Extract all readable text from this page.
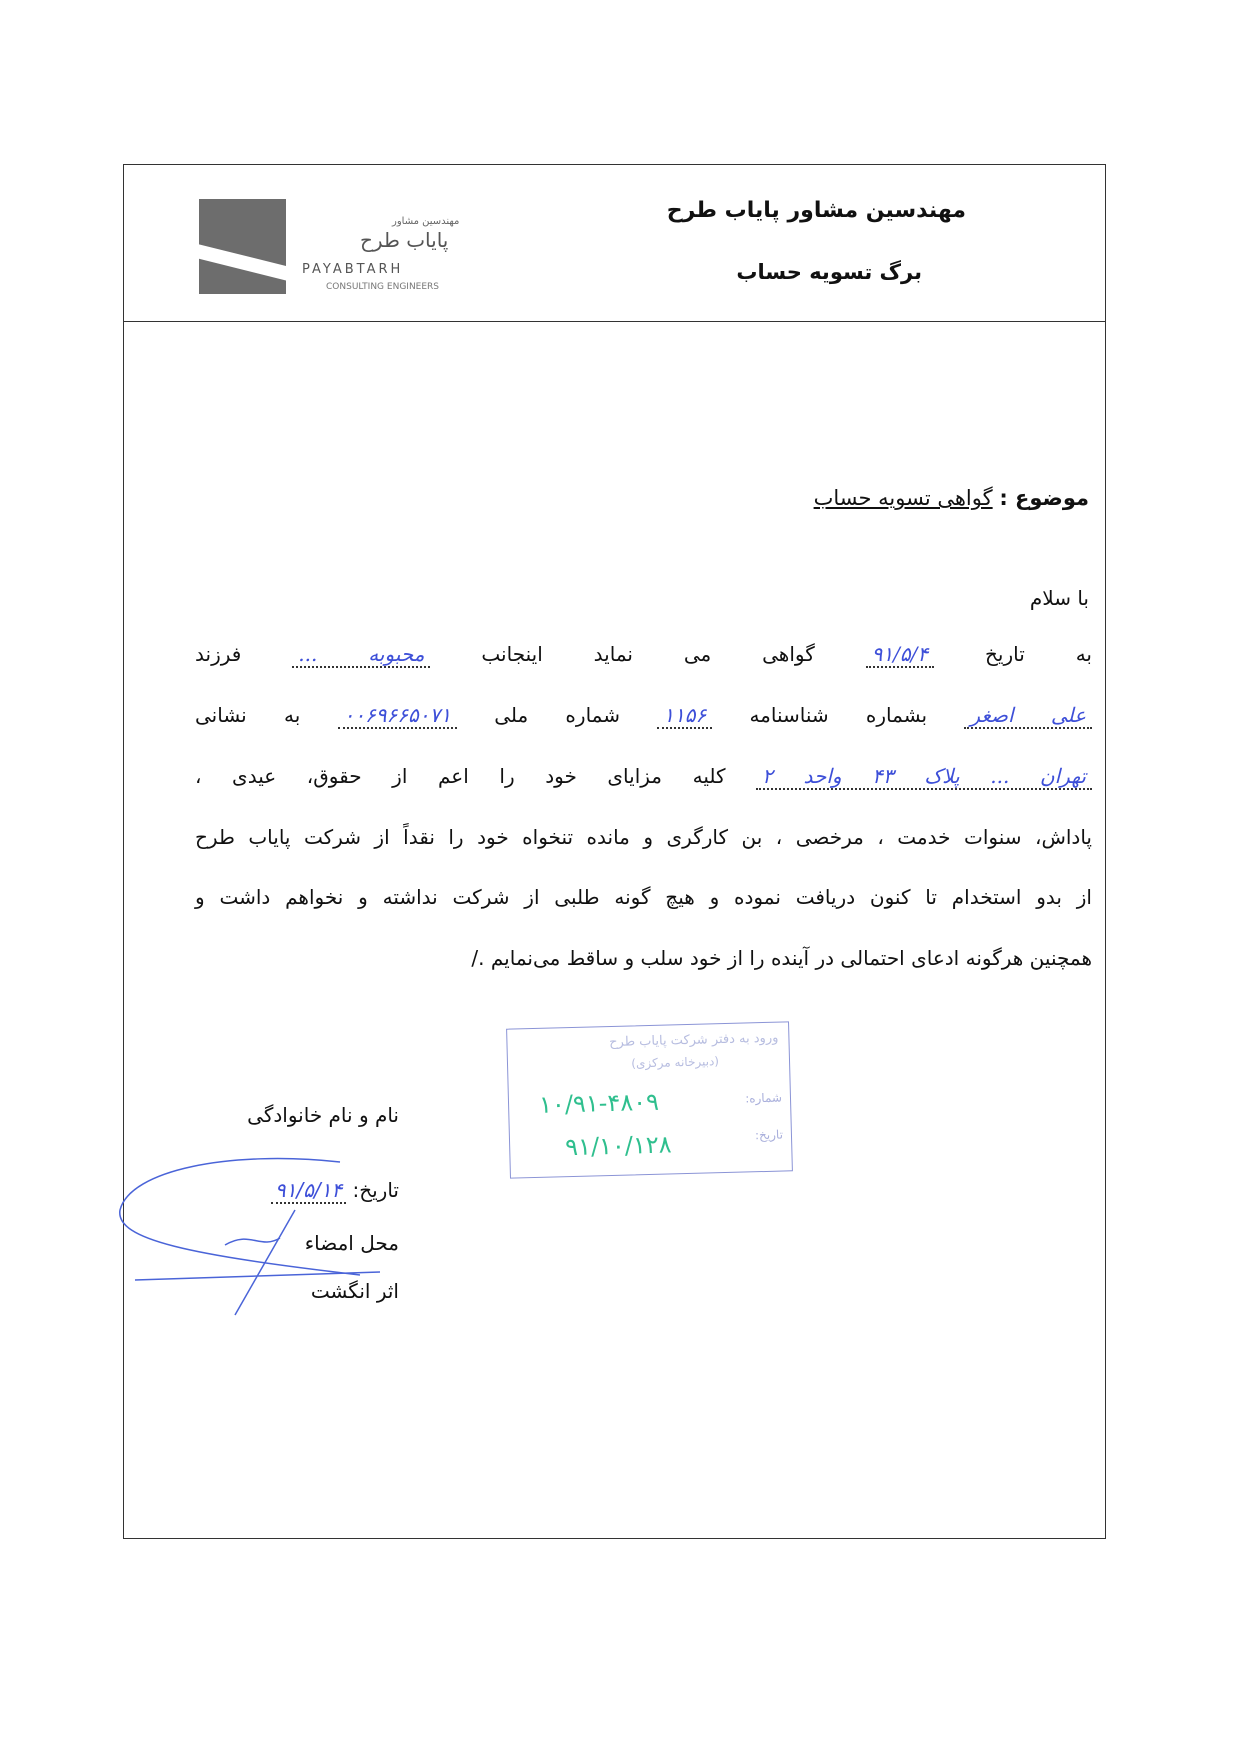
مهندسین مشاور
پایاب طرح
PAYABTARH
CONSULTING ENGINEERS
مهندسین مشاور پایاب طرح
برگ تسویه حساب
موضوع : گواهی تسویه حساب
با سلام
به تاریخ ۹۱/۵/۴ گواهی می نماید اینجانب محبوبه ... فرزند
علی اصغر بشماره شناسنامه ۱۱۵۶ شماره ملی ۰۰۶۹۶۶۵۰۷۱ به نشانی
تهران ... پلاک ۴۳ واحد ۲ کلیه مزایای خود را اعم از حقوق، عیدی ،
پاداش، سنوات خدمت ، مرخصی ، بن کارگری و مانده تنخواه خود را نقداً از شرکت پایاب طرح
از بدو استخدام تا کنون دریافت نموده و هیچ گونه طلبی از شرکت نداشته و نخواهم داشت و
همچنین هرگونه ادعای احتمالی در آینده را از خود سلب و ساقط می‌نمایم ./
ورود به دفتر شرکت پایاب طرح
(دبیرخانه مرکزی)
شماره:
۱۰/۹۱-۴۸۰۹
تاریخ:
۹۱/۱۰/۱۲۸
نام و نام خانوادگی
تاریخ: ۹۱/۵/۱۴
محل امضاء
اثر انگشت
